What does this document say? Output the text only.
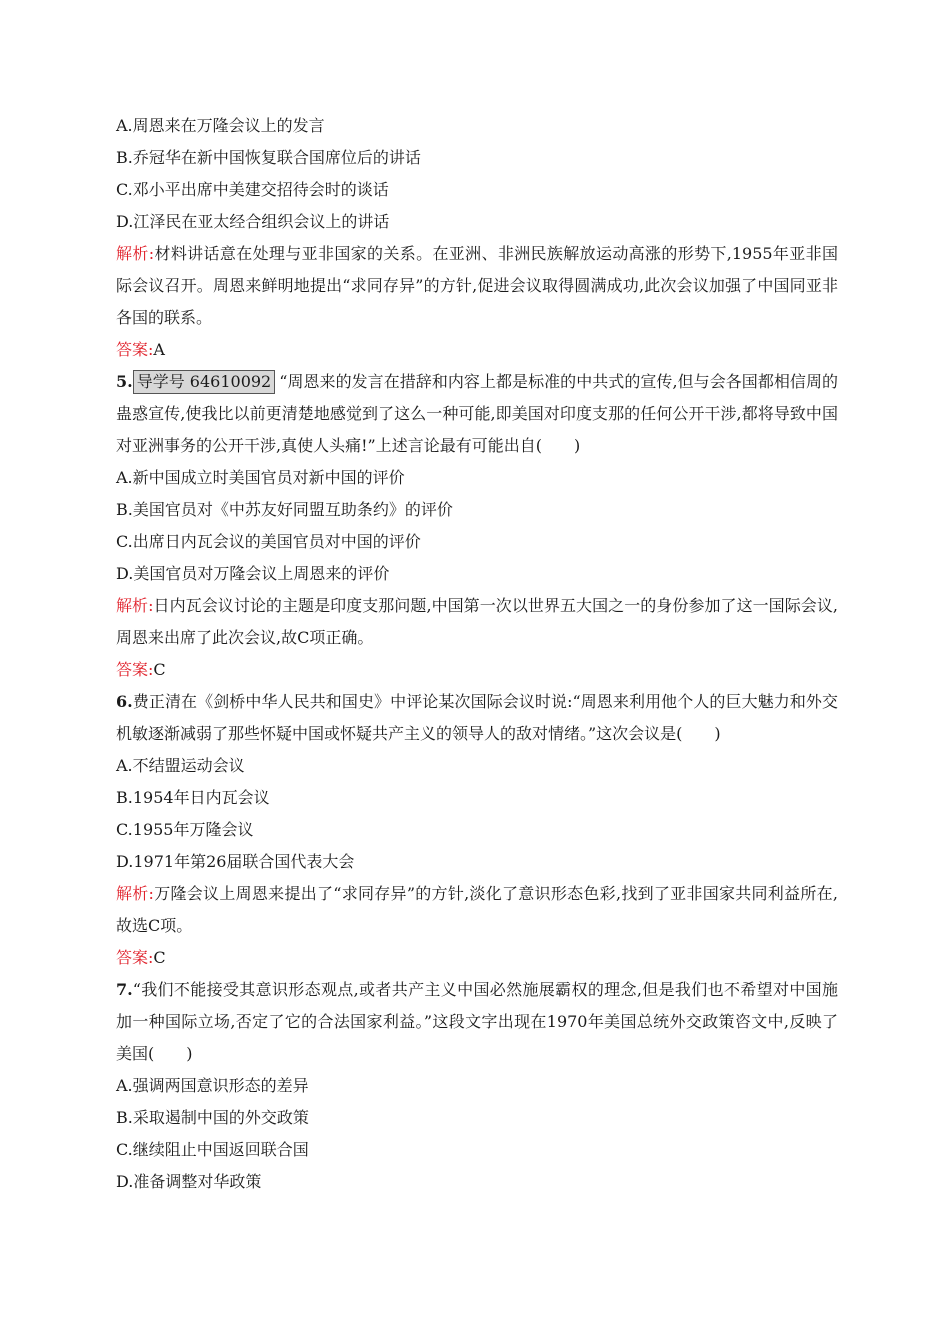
A.周恩来在万隆会议上的发言
B.乔冠华在新中国恢复联合国席位后的讲话
C.邓小平出席中美建交招待会时的谈话
D.江泽民在亚太经合组织会议上的讲话
解析:材料讲话意在处理与亚非国家的关系。在亚洲、非洲民族解放运动高涨的形势下,1955年亚非国际会议召开。周恩来鲜明地提出“求同存异”的方针,促进会议取得圆满成功,此次会议加强了中国同亚非各国的联系。
答案:A
5. 导学号 64610092 “周恩来的发言在措辞和内容上都是标准的中共式的宣传,但与会各国都相信周的蛊惑宣传,使我比以前更清楚地感觉到了这么一种可能,即美国对印度支那的任何公开干涉,都将导致中国对亚洲事务的公开干涉,真使人头痛!”上述言论最有可能出自(　　)
A.新中国成立时美国官员对新中国的评价
B.美国官员对《中苏友好同盟互助条约》的评价
C.出席日内瓦会议的美国官员对中国的评价
D.美国官员对万隆会议上周恩来的评价
解析:日内瓦会议讨论的主题是印度支那问题,中国第一次以世界五大国之一的身份参加了这一国际会议,周恩来出席了此次会议,故C项正确。
答案:C
6.费正清在《剑桥中华人民共和国史》中评论某次国际会议时说:“周恩来利用他个人的巨大魅力和外交机敏逐渐减弱了那些怀疑中国或怀疑共产主义的领导人的敌对情绪。”这次会议是(　　)
A.不结盟运动会议
B.1954年日内瓦会议
C.1955年万隆会议
D.1971年第26届联合国代表大会
解析:万隆会议上周恩来提出了“求同存异”的方针,淡化了意识形态色彩,找到了亚非国家共同利益所在,故选C项。
答案:C
7.“我们不能接受其意识形态观点,或者共产主义中国必然施展霸权的理念,但是我们也不希望对中国施加一种国际立场,否定了它的合法国家利益。”这段文字出现在1970年美国总统外交政策咨文中,反映了美国(　　)
A.强调两国意识形态的差异
B.采取遏制中国的外交政策
C.继续阻止中国返回联合国
D.准备调整对华政策
